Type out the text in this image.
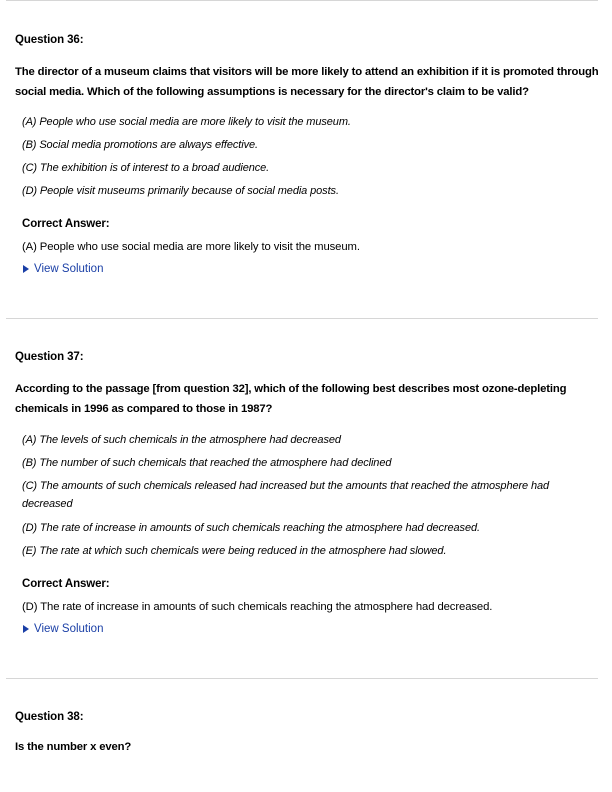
Question 36:
The director of a museum claims that visitors will be more likely to attend an exhibition if it is promoted through social media. Which of the following assumptions is necessary for the director's claim to be valid?
(A) People who use social media are more likely to visit the museum.
(B) Social media promotions are always effective.
(C) The exhibition is of interest to a broad audience.
(D) People visit museums primarily because of social media posts.
Correct Answer:
(A) People who use social media are more likely to visit the museum.
View Solution
Question 37:
According to the passage [from question 32], which of the following best describes most ozone-depleting chemicals in 1996 as compared to those in 1987?
(A) The levels of such chemicals in the atmosphere had decreased
(B) The number of such chemicals that reached the atmosphere had declined
(C) The amounts of such chemicals released had increased but the amounts that reached the atmosphere had decreased
(D) The rate of increase in amounts of such chemicals reaching the atmosphere had decreased.
(E) The rate at which such chemicals were being reduced in the atmosphere had slowed.
Correct Answer:
(D) The rate of increase in amounts of such chemicals reaching the atmosphere had decreased.
View Solution
Question 38:
Is the number x even?
